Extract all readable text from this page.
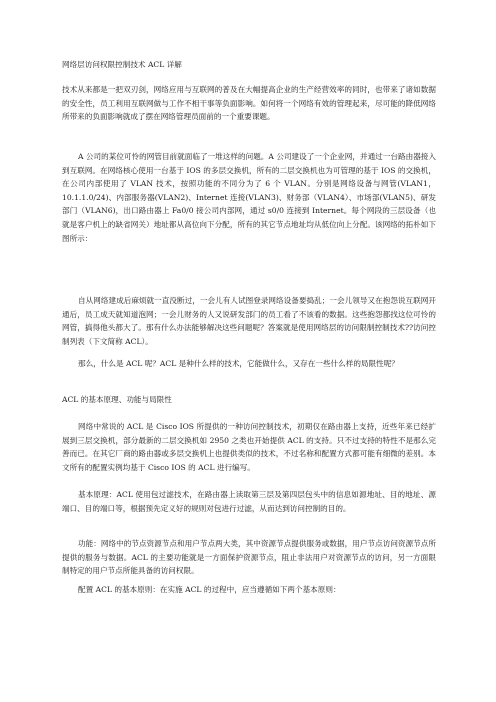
网络层访问权限控制技术 ACL 详解

技术从来都是一把双刃剑，网络应用与互联网的普及在大幅提高企业的生产经营效率的同时，也带来了诸如数据的安全性，员工利用互联网做与工作不相干事等负面影响。如何将一个网络有效的管理起来，尽可能的降低网络所带来的负面影响就成了摆在网络管理员面前的一个重要课题。

A 公司的某位可怜的网管目前就面临了一堆这样的问题。A 公司建设了一个企业网，并通过一台路由器接入到互联网。在网络核心使用一台基于 IOS 的多层交换机，所有的二层交换机也为可管理的基于 IOS 的交换机，在公司内部使用了 VLAN 技术，按照功能的不同分为了 6 个 VLAN。分别是网络设备与网管(VLAN1，10.1.1.0/24)、内部服务器(VLAN2)、Internet 连接(VLAN3)、财务部（VLAN4）、市场部(VLAN5)、研发部门（VLAN6)，出口路由器上 Fa0/0 接公司内部网，通过 s0/0 连接到 Internet。每个网段的三层设备（也就是客户机上的缺省网关）地址都从高位向下分配，所有的其它节点地址均从低位向上分配。该网络的拓朴如下图所示：

自从网络建成后麻烦就一直没断过，一会儿有人试图登录网络设备要捣乱；一会儿领导又在抱怨说互联网开通后，员工成天就知道泡网；一会儿财务的人又说研发部门的员工看了不该看的数据。这些抱怨都找这位可怜的网管，搞得他头都大了。那有什么办法能够解决这些问题呢？答案就是使用网络层的访问限制控制技术??访问控制列表（下文简称 ACL）。

那么，什么是 ACL 呢？ACL 是种什么样的技术，它能做什么，又存在一些什么样的局限性呢？

ACL 的基本原理、功能与局限性

网络中常说的 ACL 是 Cisco IOS 所提供的一种访问控制技术，初期仅在路由器上支持，近些年来已经扩展到三层交换机，部分最新的二层交换机如 2950 之类也开始提供 ACL 的支持。只不过支持的特性不是那么完善而已。在其它厂商的路由器或多层交换机上也提供类似的技术，不过名称和配置方式都可能有细微的差别。本文所有的配置实例均基于 Cisco IOS 的 ACL 进行编写。

基本原理：ACL 使用包过滤技术，在路由器上读取第三层及第四层包头中的信息如源地址、目的地址、源端口、目的端口等，根据预先定义好的规则对包进行过滤，从而达到访问控制的目的。

功能：网络中的节点资源节点和用户节点两大类，其中资源节点提供服务或数据，用户节点访问资源节点所提供的服务与数据。ACL 的主要功能就是一方面保护资源节点，阻止非法用户对资源节点的访问，另一方面限制特定的用户节点所能具备的访问权限。

配置 ACL 的基本原则：在实施 ACL 的过程中，应当遵循如下两个基本原则：
